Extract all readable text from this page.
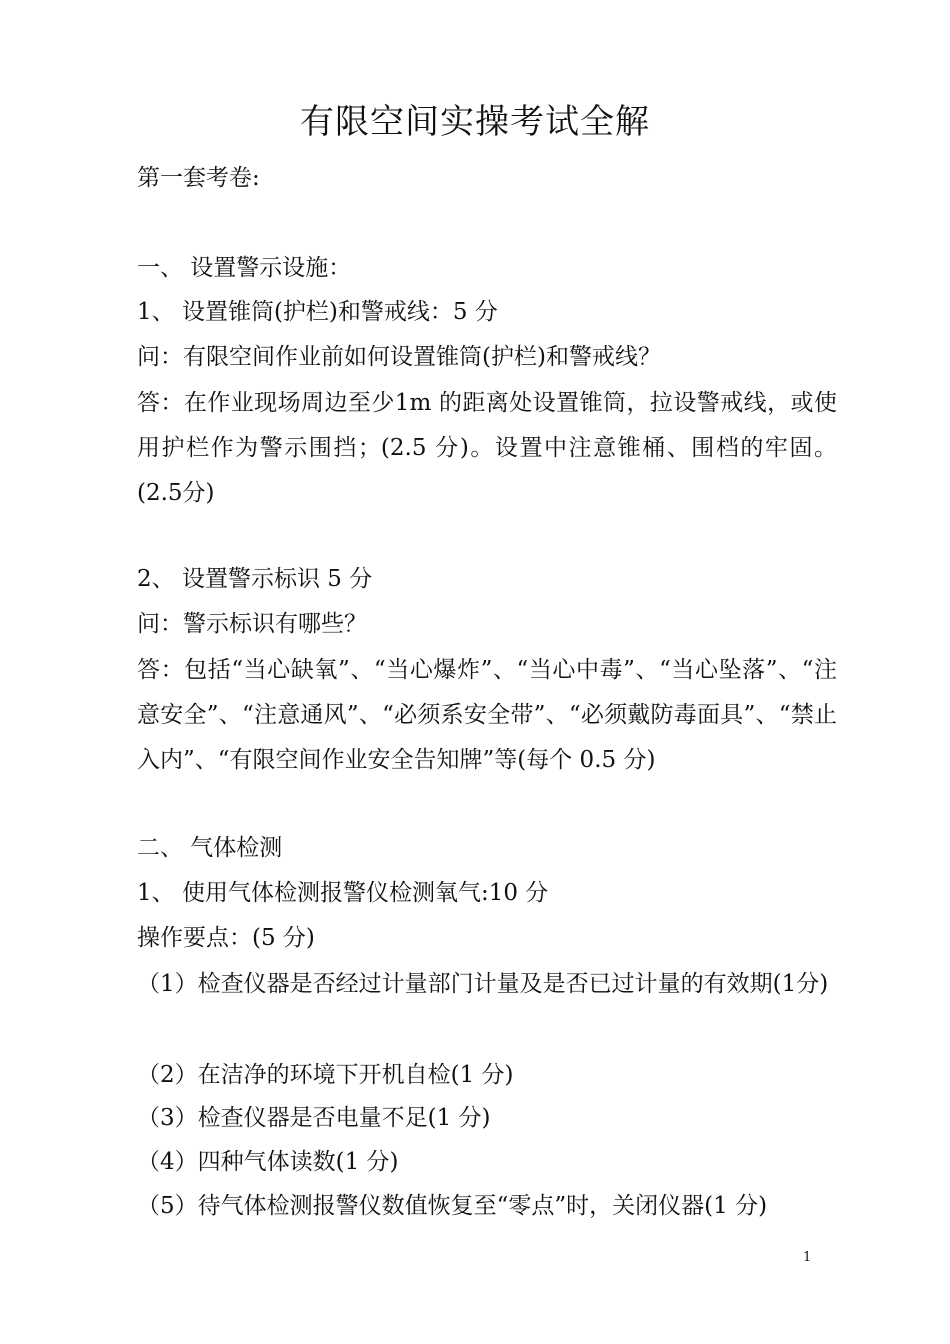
有限空间实操考试全解
第一套考卷:
一、 设置警示设施：
1、 设置锥筒(护栏)和警戒线：5 分
问：有限空间作业前如何设置锥筒(护栏)和警戒线？
答：在作业现场周边至少1m 的距离处设置锥筒，拉设警戒线，或使用护栏作为警示围挡；(2.5 分)。设置中注意锥桶、围档的牢固。(2.5分)
2、 设置警示标识 5 分
问：警示标识有哪些？
答：包括“当心缺氧”、“当心爆炸”、“当心中毒”、“当心坠落”、“注意安全”、“注意通风”、“必须系安全带”、“必须戴防毒面具”、“禁止入内”、“有限空间作业安全告知牌”等(每个 0.5 分)
二、 气体检测
1、 使用气体检测报警仪检测氧气:10 分
操作要点：(5 分)
（1）检查仪器是否经过计量部门计量及是否已过计量的有效期(1分)
（2）在洁净的环境下开机自检(1 分)
（3）检查仪器是否电量不足(1 分)
（4）四种气体读数(1 分)
（5）待气体检测报警仪数值恢复至“零点”时，关闭仪器(1 分)
1
